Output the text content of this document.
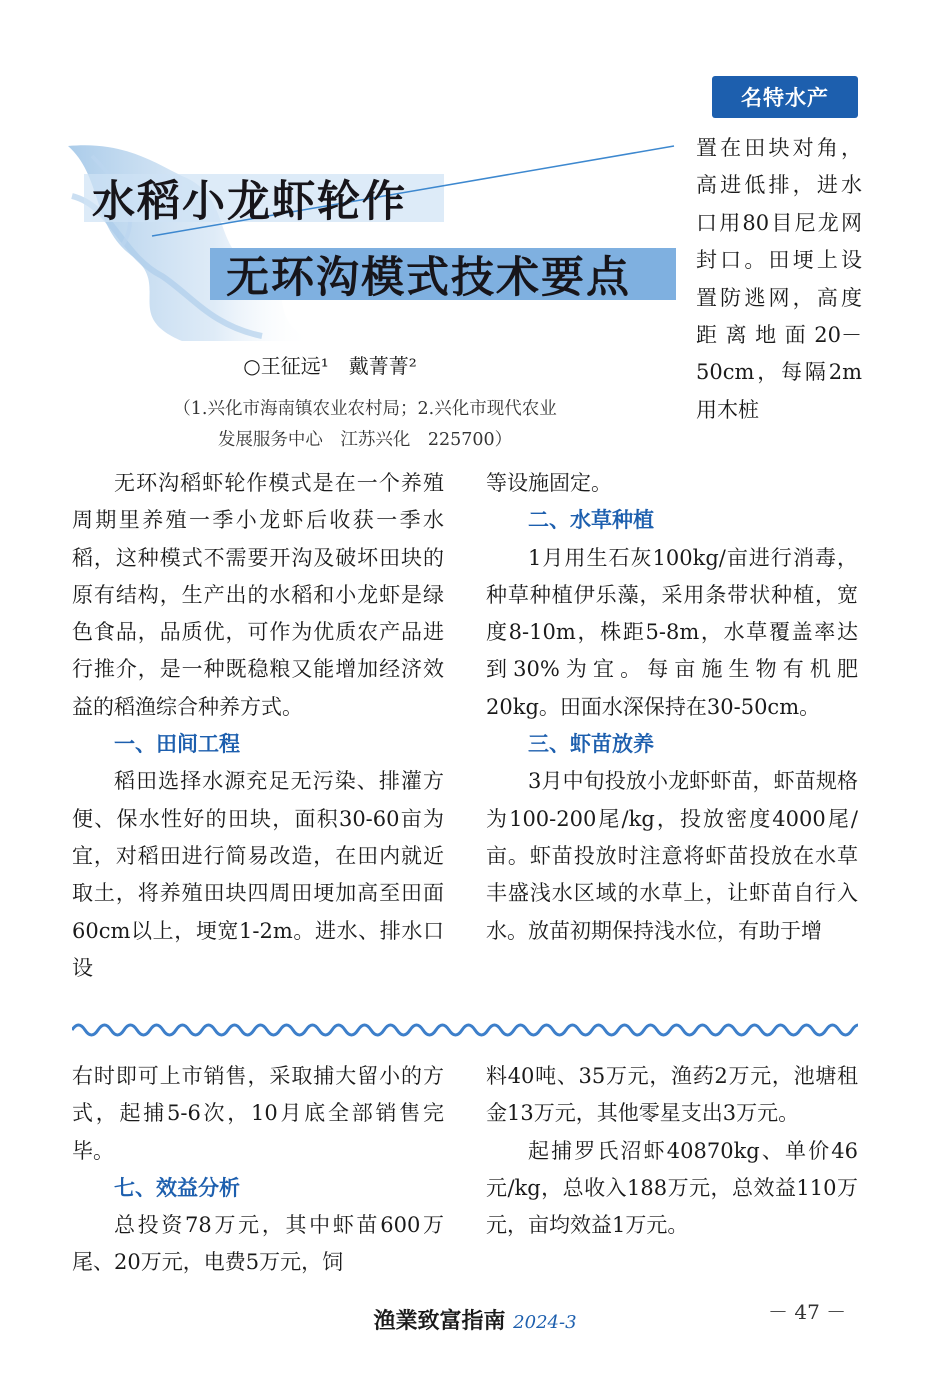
名特水产
水稻小龙虾轮作
无环沟模式技术要点
○王征远¹　戴菁菁²
（1.兴化市海南镇农业农村局；2.兴化市现代农业
发展服务中心　江苏兴化　225700）
置在田块对角，高进低排，进水口用80目尼龙网封口。田埂上设置防逃网，高度距离地面20－50cm，每隔2m用木桩

无环沟稻虾轮作模式是在一个养殖周期里养殖一季小龙虾后收获一季水稻，这种模式不需要开沟及破坏田块的原有结构，生产出的水稻和小龙虾是绿色食品，品质优，可作为优质农产品进行推介，是一种既稳粮又能增加经济效益的稻渔综合种养方式。

一、田间工程

稻田选择水源充足无污染、排灌方便、保水性好的田块，面积30-60亩为宜，对稻田进行简易改造，在田内就近取土，将养殖田块四周田埂加高至田面60cm以上，埂宽1-2m。进水、排水口设

等设施固定。

二、水草种植

1月用生石灰100kg/亩进行消毒，种草种植伊乐藻，采用条带状种植，宽度8-10m，株距5-8m，水草覆盖率达到30%为宜。每亩施生物有机肥20kg。田面水深保持在30-50cm。

三、虾苗放养

3月中旬投放小龙虾虾苗，虾苗规格为100-200尾/kg，投放密度4000尾/亩。虾苗投放时注意将虾苗投放在水草丰盛浅水区域的水草上，让虾苗自行入水。放苗初期保持浅水位，有助于增

右时即可上市销售，采取捕大留小的方式，起捕5-6次，10月底全部销售完毕。

七、效益分析

总投资78万元，其中虾苗600万尾、20万元，电费5万元，饲

料40吨、35万元，渔药2万元，池塘租金13万元，其他零星支出3万元。

起捕罗氏沼虾40870kg、单价46元/kg，总收入188万元，总效益110万元，亩均效益1万元。

渔業致富指南 2024-3	－ 47 －
